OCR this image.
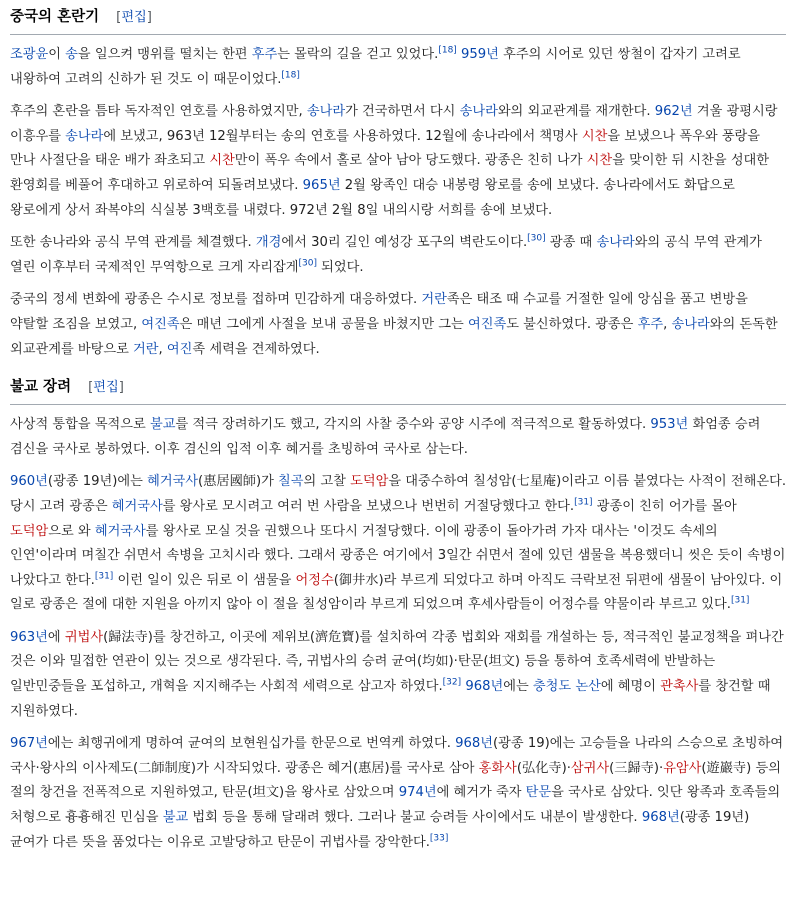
중국의 혼란기 [편집]

조광윤이 송을 일으켜 맹위를 떨치는 한편 후주는 몰락의 길을 걷고 있었다.[18] 959년 후주의 시어로 있던 쌍철이 갑자기 고려로 내왕하여 고려의 신하가 된 것도 이 때문이었다.[18]

후주의 혼란을 틈타 독자적인 연호를 사용하였지만, 송나라가 건국하면서 다시 송나라와의 외교관계를 재개한다. 962년 겨울 광평시랑 이흥우를 송나라에 보냈고, 963년 12월부터는 송의 연호를 사용하였다. 12월에 송나라에서 책명사 시찬을 보냈으나 폭우와 풍랑을 만나 사절단을 태운 배가 좌초되고 시찬만이 폭우 속에서 홀로 살아 남아 당도했다. 광종은 친히 나가 시찬을 맞이한 뒤 시찬을 성대한 환영회를 베풀어 후대하고 위로하여 되돌려보냈다. 965년 2월 왕족인 대승 내봉령 왕로를 송에 보냈다. 송나라에서도 화답으로 왕로에게 상서 좌복야의 식실봉 3백호를 내렸다. 972년 2월 8일 내의시랑 서희를 송에 보냈다.

또한 송나라와 공식 무역 관계를 체결했다. 개경에서 30리 길인 예성강 포구의 벽란도이다.[30] 광종 때 송나라와의 공식 무역 관계가 열린 이후부터 국제적인 무역항으로 크게 자리잡게[30] 되었다.

중국의 정세 변화에 광종은 수시로 정보를 접하며 민감하게 대응하였다. 거란족은 태조 때 수교를 거절한 일에 앙심을 품고 변방을 약탈할 조짐을 보였고, 여진족은 매년 그에게 사절을 보내 공물을 바쳤지만 그는 여진족도 불신하였다. 광종은 후주, 송나라와의 돈독한 외교관계를 바탕으로 거란, 여진족 세력을 견제하였다.

불교 장려 [편집]

사상적 통합을 목적으로 불교를 적극 장려하기도 했고, 각지의 사찰 중수와 공양 시주에 적극적으로 활동하였다. 953년 화엄종 승려 겸신을 국사로 봉하였다. 이후 겸신의 입적 이후 혜거를 초빙하여 국사로 삼는다.

960년(광종 19년)에는 혜거국사(惠居國師)가 칠곡의 고찰 도덕암을 대중수하여 칠성암(七星庵)이라고 이름 붙였다는 사적이 전해온다. 당시 고려 광종은 혜거국사를 왕사로 모시려고 여러 번 사람을 보냈으나 번번히 거절당했다고 한다.[31] 광종이 친히 어가를 몰아 도덕암으로 와 혜거국사를 왕사로 모실 것을 권했으나 또다시 거절당했다. 이에 광종이 돌아가려 가자 대사는 '이것도 속세의 인연'이라며 며칠간 쉬면서 속병을 고치시라 했다. 그래서 광종은 여기에서 3일간 쉬면서 절에 있던 샘물을 복용했더니 씻은 듯이 속병이 나았다고 한다.[31] 이런 일이 있은 뒤로 이 샘물을 어정수(御井水)라 부르게 되었다고 하며 아직도 극락보전 뒤편에 샘물이 남아있다. 이 일로 광종은 절에 대한 지원을 아끼지 않아 이 절을 칠성암이라 부르게 되었으며 후세사람들이 어정수를 약물이라 부르고 있다.[31]

963년에 귀법사(歸法寺)를 창건하고, 이곳에 제위보(濟危寶)를 설치하여 각종 법회와 재회를 개설하는 등, 적극적인 불교정책을 펴나간 것은 이와 밀접한 연관이 있는 것으로 생각된다. 즉, 귀법사의 승려 균여(均如)·탄문(坦文) 등을 통하여 호족세력에 반발하는 일반민중들을 포섭하고, 개혁을 지지해주는 사회적 세력으로 삼고자 하였다.[32] 968년에는 충청도 논산에 혜명이 관촉사를 창건할 때 지원하였다.

967년에는 최행귀에게 명하여 균여의 보현원십가를 한문으로 번역케 하였다. 968년(광종 19)에는 고승들을 나라의 스승으로 초빙하여 국사·왕사의 이사제도(二師制度)가 시작되었다. 광종은 혜거(惠居)를 국사로 삼아 홍화사(弘化寺)·삼귀사(三歸寺)·유암사(遊巖寺) 등의 절의 창건을 전폭적으로 지원하였고, 탄문(坦文)을 왕사로 삼았으며 974년에 혜거가 죽자 탄문을 국사로 삼았다. 잇단 왕족과 호족들의 처형으로 흉흉해진 민심을 불교 법회 등을 통해 달래려 했다. 그러나 불교 승려들 사이에서도 내분이 발생한다. 968년(광종 19년) 균여가 다른 뜻을 품었다는 이유로 고발당하고 탄문이 귀법사를 장악한다.[33]
